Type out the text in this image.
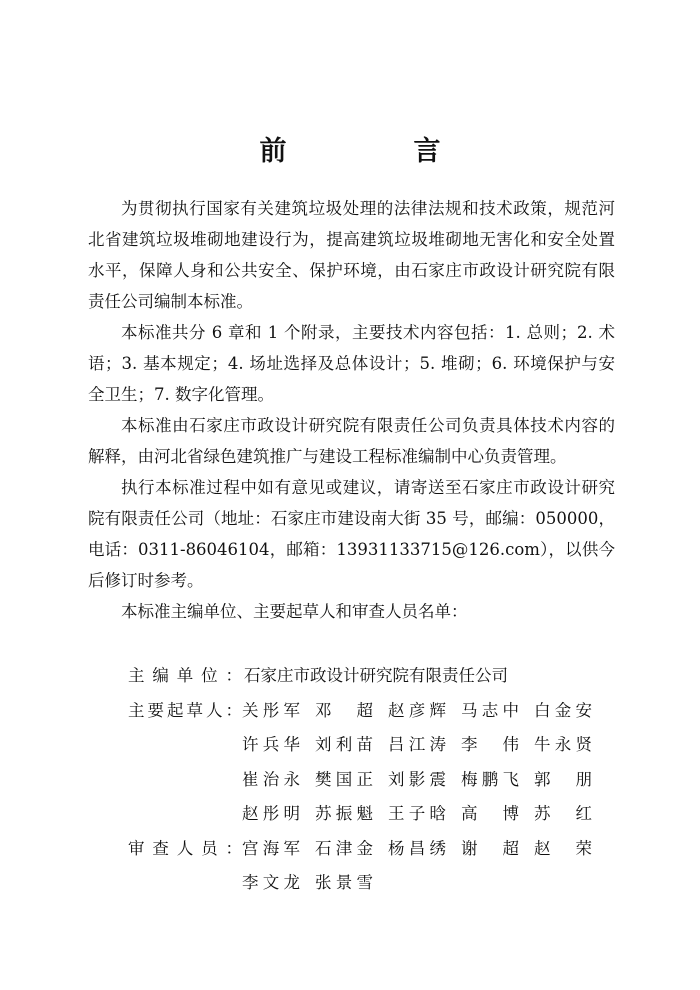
前　言

为贯彻执行国家有关建筑垃圾处理的法律法规和技术政策，规范河北省建筑垃圾堆砌地建设行为，提高建筑垃圾堆砌地无害化和安全处置水平，保障人身和公共安全、保护环境，由石家庄市政设计研究院有限责任公司编制本标准。

本标准共分 6 章和 1 个附录，主要技术内容包括：1. 总则；2. 术语；3. 基本规定；4. 场址选择及总体设计；5. 堆砌；6. 环境保护与安全卫生；7. 数字化管理。

本标准由石家庄市政设计研究院有限责任公司负责具体技术内容的解释，由河北省绿色建筑推广与建设工程标准编制中心负责管理。

执行本标准过程中如有意见或建议，请寄送至石家庄市政设计研究院有限责任公司（地址：石家庄市建设南大街 35 号，邮编：050000，电话：0311-86046104，邮箱：13931133715@126.com），以供今后修订时参考。

本标准主编单位、主要起草人和审查人员名单：

主编单位： 石家庄市政设计研究院有限责任公司
主要起草人： 关彤军 邓　超 赵彦辉 马志中 白金安
许兵华 刘利苗 吕江涛 李　伟 牛永贤
崔治永 樊国正 刘影震 梅鹏飞 郭　朋
赵彤明 苏振魁 王子晗 高　博 苏　红
审查人员： 宫海军 石津金 杨昌绣 谢　超 赵　荣
李文龙 张景雪
